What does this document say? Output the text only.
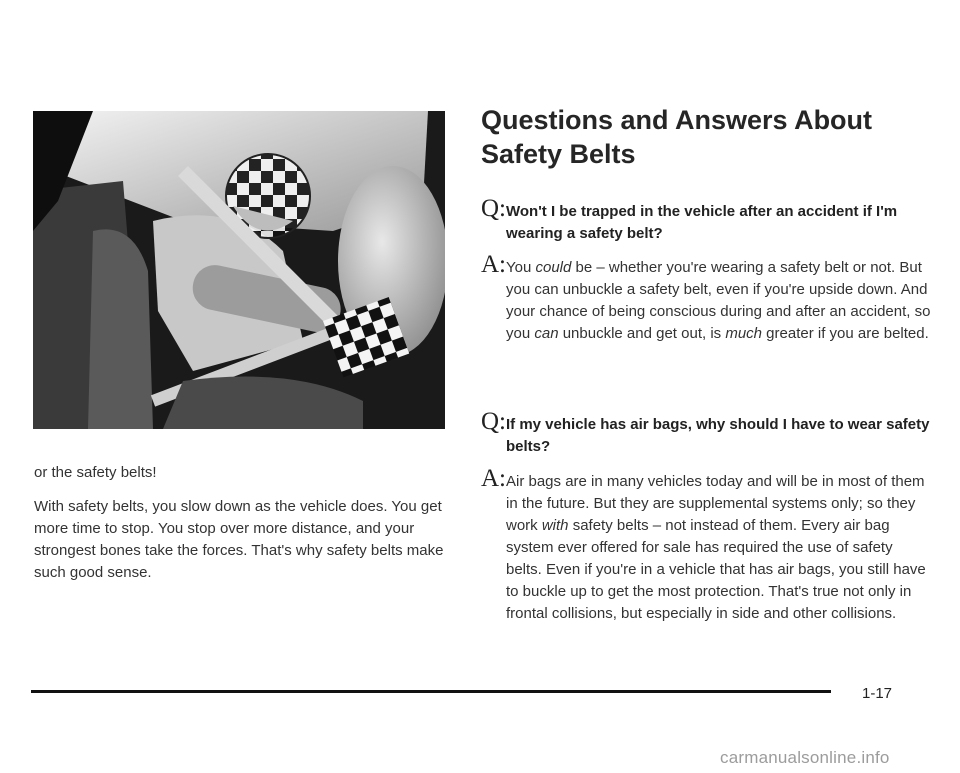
or the safety belts!
With safety belts, you slow down as the vehicle does. You get more time to stop. You stop over more distance, and your strongest bones take the forces. That's why safety belts make such good sense.
Questions and Answers About Safety Belts
Q: Won't I be trapped in the vehicle after an accident if I'm wearing a safety belt?
A: You could be – whether you're wearing a safety belt or not. But you can unbuckle a safety belt, even if you're upside down. And your chance of being conscious during and after an accident, so you can unbuckle and get out, is much greater if you are belted.
Q: If my vehicle has air bags, why should I have to wear safety belts?
A: Air bags are in many vehicles today and will be in most of them in the future. But they are supplemental systems only; so they work with safety belts – not instead of them. Every air bag system ever offered for sale has required the use of safety belts. Even if you're in a vehicle that has air bags, you still have to buckle up to get the most protection. That's true not only in frontal collisions, but especially in side and other collisions.
1-17
carmanualsonline.info
